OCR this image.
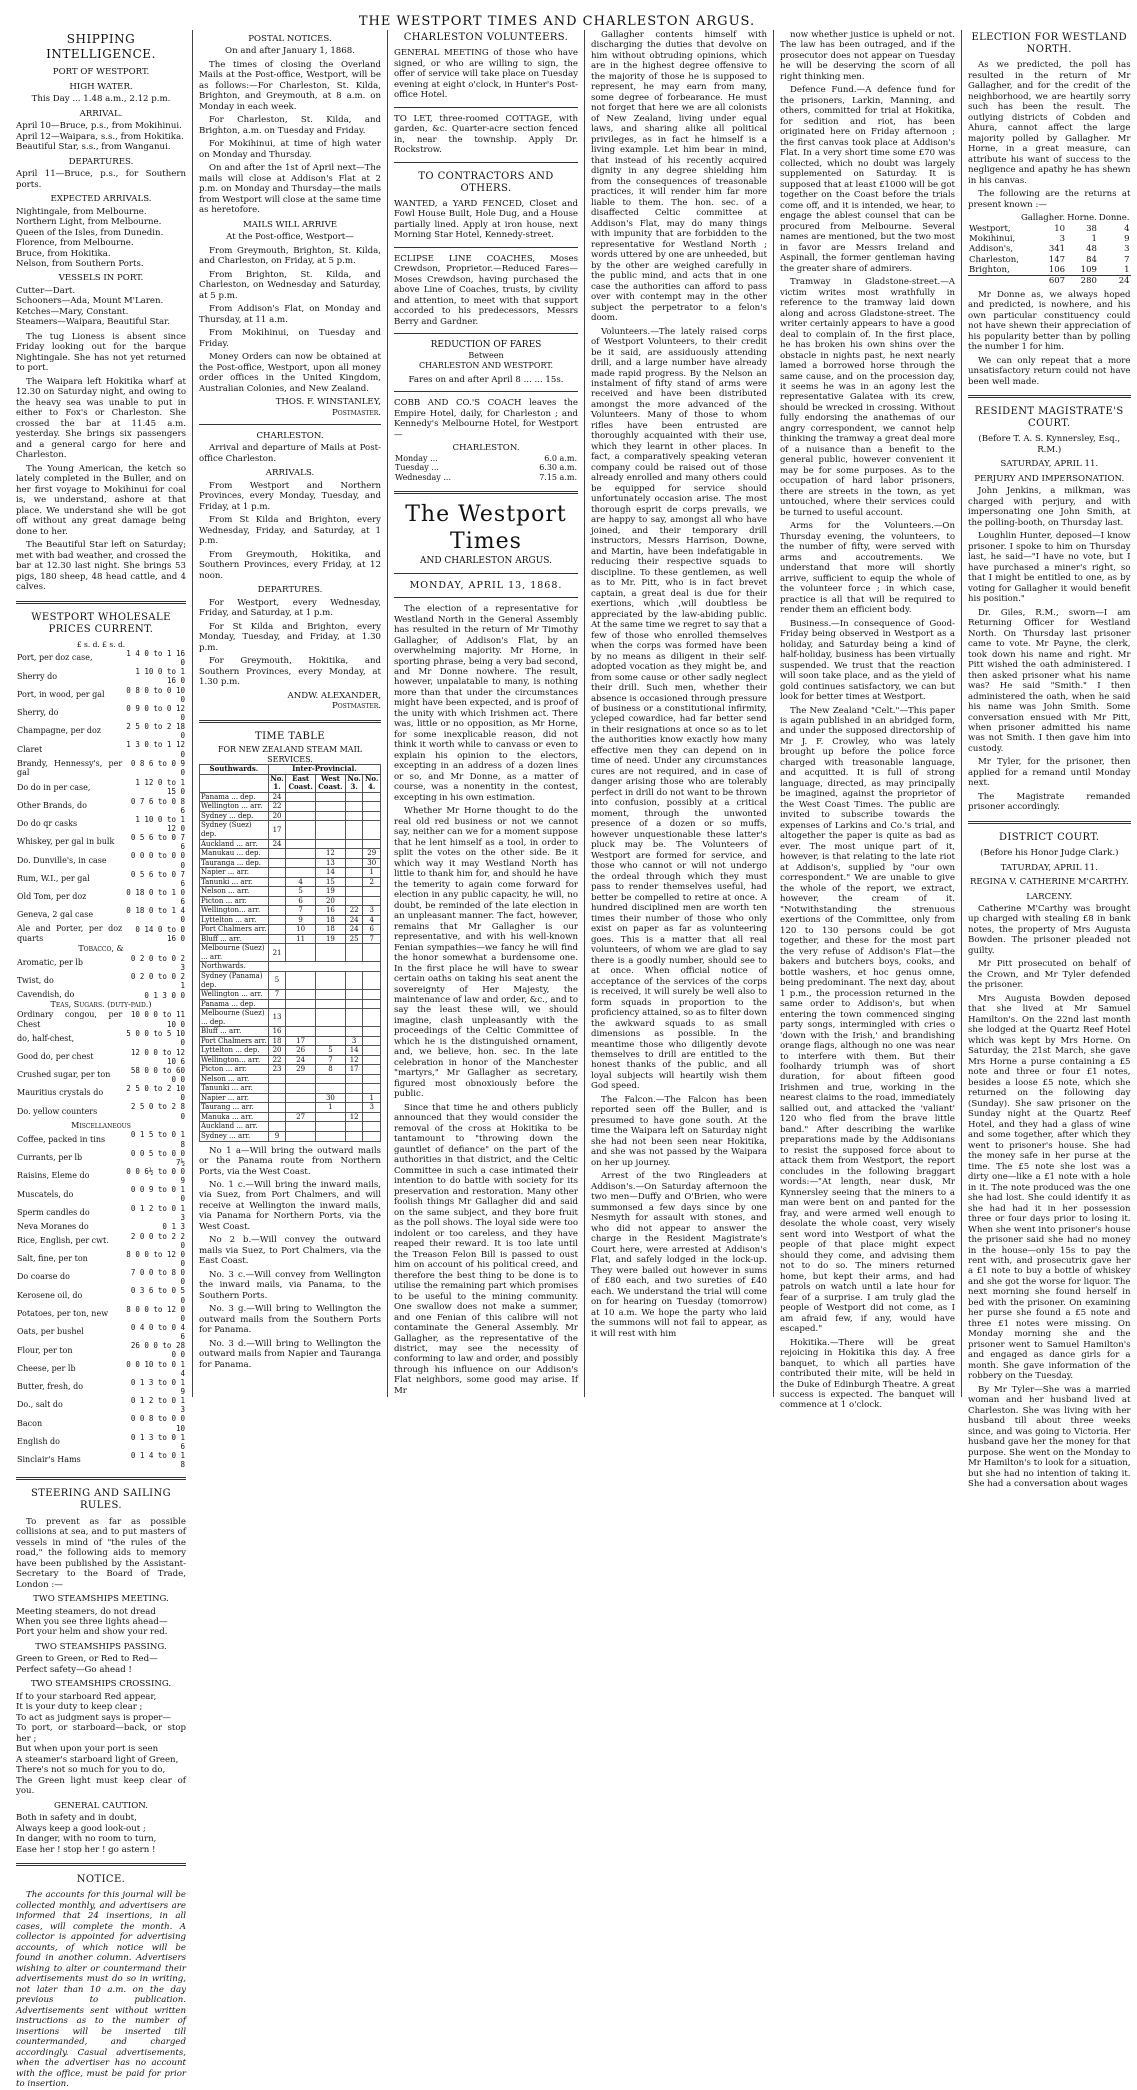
THE WESTPORT TIMES AND CHARLESTON ARGUS.
SHIPPING INTELLIGENCE.
PORT OF WESTPORT.
HIGH WATER.

This Day ... 1.48 a.m., 2.12 p.m.

ARRIVAL.
April 10—Bruce, p.s., from Mokihinui.
April 12—Waipara, s.s., from Hokitika.
Beautiful Star, s.s., from Wanganui.
DEPARTURES.
April 11—Bruce, p.s., for Southern ports.
EXPECTED ARRIVALS.
Nightingale, from Melbourne.
Northern Light, from Melbourne.
Queen of the Isles, from Dunedin.
Florence, from Melbourne.
Bruce, from Hokitika.
Nelson, from Southern Ports.
VESSELS IN PORT.
Cutter—Dart.
Schooners—Ada, Mount M'Laren.
Ketches—Mary, Constant.
Steamers—Waipara, Beautiful Star.

The tug Lioness is absent since Friday looking out for the barque Nightingale. She has not yet returned to port.

The Waipara left Hokitika wharf at 12.30 on Saturday night, and owing to the heavy sea was unable to put in either to Fox's or Charleston. She crossed the bar at 11.45 a.m. yesterday. She brings six passengers and a general cargo for here and Charleston.

The Young American, the ketch so lately completed in the Buller, and on her first voyage to Mokihinui for coal is, we understand, ashore at that place. We understand she will be got off without any great damage being done to her.

The Beautiful Star left on Saturday; met with bad weather, and crossed the bar at 12.30 last night. She brings 53 pigs, 180 sheep, 48 head cattle, and 4 calves.

WESTPORT WHOLESALE PRICES CURRENT.
£ s. d. £ s. d.
Port, per doz case,	1 4 0 to 1 16 0
Sherry do	1 10 0 to 1 16 0
Port, in wood, per gal	0 8 0 to 0 10 0
Sherry, do	0 9 0 to 0 12 0
Champagne, per doz	2 5 0 to 2 18 0
Claret	1 3 0 to 1 12 0
Brandy, Hennessy's, per gal	0 8 6 to 0 9 0
Do do in per case,	1 12 0 to 1 15 0
Other Brands, do	0 7 6 to 0 8 6
Do do qr casks	1 10 0 to 1 12 0
Whiskey, per gal in bulk	0 5 6 to 0 7 6
Do. Dunville's, in case	0 0 0 to 0 0 0
Rum, W.I., per gal	0 5 6 to 0 7 6
Old Tom, per doz	0 18 0 to 1 0 6
Geneva, 2 gal case	0 18 0 to 1 4 0
Ale and Porter, per doz quarts	0 14 0 to 0 16 0
Tobacco, &	
Aromatic, per lb	0 2 0 to 0 2 3
Twist, do	0 2 0 to 0 2 1
Cavendish, do	0 1 3 0 0
Teas, Sugars. (duty-paid.)	
Ordinary congou, per Chest	10 0 0 to 11 10 0
do, half-chest,	5 0 0 to 5 10 0
Good do, per chest	12 0 0 to 12 10 6
Crushed sugar, per ton	58 0 0 to 60 0 0
Mauritius crystals do	2 5 0 to 2 10 0
Do. yellow counters	2 5 0 to 2 8 0
Miscellaneous	
Coffee, packed in tins	0 1 5 to 0 1 8
Currants, per lb	0 0 5 to 0 0 7½
Raisins, Eleme do	0 0 6½ to 0 0 9
Muscatels, do	0 0 9 to 0 1 0
Sperm candles do	0 1 2 to 0 1 3
Neva Moranes do	0 1 3
Rice, English, per cwt.	2 0 0 to 2 2 0
Salt, fine, per ton	8 0 0 to 12 0 0
Do coarse do	7 0 0 to 8 0 0
Kerosene oil, do	0 3 6 to 0 5 0
Potatoes, per ton, new	8 0 0 to 12 0 0
Oats, per bushel	0 4 0 to 0 4 6
Flour, per ton	26 0 0 to 28 0 0
Cheese, per lb	0 0 10 to 0 1 4
Butter, fresh, do	0 1 3 to 0 1 9
Do., salt do	0 1 2 to 0 1 3
Bacon	0 0 8 to 0 0 10
English do	0 1 3 to 0 1 6
Sinclair's Hams	0 1 4 to 0 1 8
STEERING AND SAILING RULES.

To prevent as far as possible collisions at sea, and to put masters of vessels in mind of "the rules of the road," the following aids to memory have been published by the Assistant-Secretary to the Board of Trade, London :—

TWO STEAMSHIPS MEETING.
Meeting steamers, do not dread
When you see three lights ahead—
Port your helm and show your red.
TWO STEAMSHIPS PASSING.
Green to Green, or Red to Red—
Perfect safety—Go ahead !
TWO STEAMSHIPS CROSSING.
If to your starboard Red appear,
It is your duty to keep clear ;
To act as judgment says is proper—
To port, or starboard—back, or stop her ;
But when upon your port is seen
A steamer's starboard light of Green,
There's not so much for you to do,
The Green light must keep clear of you.
GENERAL CAUTION.
Both in safety and in doubt,
Always keep a good look-out ;
In danger, with no room to turn,
Ease her ! stop her ! go astern !
NOTICE.

The accounts for this journal will be collected monthly, and advertisers are informed that 24 insertions, in all cases, will complete the month. A collector is appointed for advertising accounts, of which notice will be found in another column. Advertisers wishing to alter or countermand their advertisements must do so in writing, not later than 10 a.m. on the day previous to publication. Advertisements sent without written instructions as to the number of insertions will be inserted till countermanded, and charged accordingly. Casual advertisements, when the advertiser has no account with the office, must be paid for prior to insertion.

POSTAL NOTICES.

On and after January 1, 1868.

The times of closing the Overland Mails at the Post-office, Westport, will be as follows:—For Charleston, St. Kilda, Brighton, and Greymouth, at 8 a.m. on Monday in each week.

For Charleston, St. Kilda, and Brighton, a.m. on Tuesday and Friday.

For Mokihinui, at time of high water on Monday and Thursday.

On and after the 1st of April next—The mails will close at Addison's Flat at 2 p.m. on Monday and Thursday—the mails from Westport will close at the same time as heretofore.

MAILS WILL ARRIVE

At the Post-office, Westport—

From Greymouth, Brighton, St. Kilda, and Charleston, on Friday, at 5 p.m.

From Brighton, St. Kilda, and Charleston, on Wednesday and Saturday, at 5 p.m.

From Addison's Flat, on Monday and Thursday, at 11 a.m.

From Mokihinui, on Tuesday and Friday.

Money Orders can now be obtained at the Post-office, Westport, upon all money order offices in the United Kingdom, Australian Colonies, and New Zealand.

THOS. F. WINSTANLEY,
Postmaster.
CHARLESTON.

Arrival and departure of Mails at Post-office Charleston.

ARRIVALS.

From Westport and Northern Provinces, every Monday, Tuesday, and Friday, at 1 p.m.

From St Kilda and Brighton, every Wednesday, Friday, and Saturday, at 1 p.m.

From Greymouth, Hokitika, and Southern Provinces, every Friday, at 12 noon.

DEPARTURES.

For Westport, every Wednesday, Friday, and Saturday, at 1 p.m.

For St Kilda and Brighton, every Monday, Tuesday, and Friday, at 1.30 p.m.

For Greymouth, Hokitika, and Southern Provinces, every Monday, at 1.30 p.m.

ANDW. ALEXANDER,
Postmaster.
TIME TABLE
FOR NEW ZEALAND STEAM MAIL SERVICES.
Southwards.	Inter-Provincial.				
	No. 1.	East Coast.	West Coast.	No. 3.	No. 4.
Panama ... dep.	24				
Wellington ... arr.	22				
Sydney ... dep.	20				
Sydney (Suez) dep.	17				
Auckland ... arr.	24				
Manukau ... dep.			12		29
Tauranga ... dep.			13		30
Napier ... arr.			14		1
Tanunki ... arr.		4	15		2
Nelson ... arr.		5	19		
Picton ... arr.		6	20		
Wellington... arr.		7	16	22	3
Lyttelton ... arr.		9	18	24	4
Port Chalmers arr.		10	18	24	6
Bluff ... arr.		11	19	25	7
Melbourne (Suez) ... arr.	21				
Northwards.					
Sydney (Panama) dep.	5				
Wellington ... arr.	7				
Panama ... dep.					
Melbourne (Suez) ... dep.	13				
Bluff ... arr.	16				
Port Chalmers arr.	18	17		3	
Lyttelton ... dep.	20	26	5	14	
Wellington... arr.	22	24	7	12	
Picton ... arr.	23	29	8	17	
Nelson ... arr.					
Tanunki ... arr.					
Napier ... arr.			30		1
Taurang ... arr.			1		3
Manuka ... arr.		27		12	
Auckland ... arr.					
Sydney ... arr.	9				

No 1 a—Will bring the outward mails or the Panama route from Northern Ports, via the West Coast.

No. 1 c.—Will bring the inward mails, via Suez, from Port Chalmers, and will receive at Wellington the inward mails, via Panama for Northern Ports, via the West Coast.

No 2 b.—Will convey the outward mails via Suez, to Port Chalmers, via the East Coast.

No. 3 c.—Will convey from Wellington the inward mails, via Panama, to the Southern Ports.

No. 3 g.—Will bring to Wellington the outward mails from the Southern Ports for Panama.

No. 3 d.—Will bring to Wellington the outward mails from Napier and Tauranga for Panama.

CHARLESTON VOLUNTEERS.

GENERAL MEETING of those who have signed, or who are willing to sign, the offer of service will take place on Tuesday evening at eight o'clock, in Hunter's Post-office Hotel.

TO LET, three-roomed COTTAGE, with garden, &c. Quarter-acre section fenced in, near the township. Apply Dr. Rockstrow.

TO CONTRACTORS AND OTHERS.

WANTED, a YARD FENCED, Closet and Fowl House Built, Hole Dug, and a House partially lined. Apply at iron house, next Morning Star Hotel, Kennedy-street.

ECLIPSE LINE COACHES, Moses Crewdson, Proprietor.—Reduced Fares—Moses Crewdson, having purchased the above Line of Coaches, trusts, by civility and attention, to meet with that support accorded to his predecessors, Messrs Berry and Gardner.

REDUCTION OF FARES
Between
CHARLESTON AND WESTPORT.

Fares on and after April 8 ... ... 15s.

COBB AND CO.'S COACH leaves the Empire Hotel, daily, for Charleston ; and Kennedy's Melbourne Hotel, for Westport—

CHARLESTON.
Monday ...	6.0 a.m.
Tuesday ...	6.30 a.m.
Wednesday ...	7.15 a.m.
The Westport Times
AND CHARLESTON ARGUS.
MONDAY, APRIL 13, 1868.

The election of a representative for Westland North in the General Assembly has resulted in the return of Mr Timothy Gallagher, of Addison's Flat, by an overwhelming majority. Mr Horne, in sporting phrase, being a very bad second, and Mr Donne nowhere. The result, however, unpalatable to many, is nothing more than that under the circumstances might have been expected, and is proof of the unity with which Irishmen act. There was, little or no opposition, as Mr Horne, for some inexplicable reason, did not think it worth while to canvass or even to explain his opinion to the electors, excepting in an address of a dozen lines or so, and Mr Donne, as a matter of course, was a nonentity in the contest, excepting in his own estimation.

Whether Mr Horne thought to do the real old red business or not we cannot say, neither can we for a moment suppose that he lent himself as a tool, in order to split the votes on the other side. Be it which way it may Westland North has little to thank him for, and should he have the temerity to again come forward for election in any public capacity, he will, no doubt, be reminded of the late election in an unpleasant manner. The fact, however, remains that Mr Gallagher is our representative, and with his well-known Fenian sympathies—we fancy he will find the honor somewhat a burdensome one. In the first place he will have to swear certain oaths on taking his seat anent the sovereignty of Her Majesty, the maintenance of law and order, &c., and to say the least these will, we should imagine, clash unpleasantly with the proceedings of the Celtic Committee of which he is the distinguished ornament, and, we believe, hon. sec. In the late celebration in honor of the Manchester "martyrs," Mr Gallagher as secretary, figured most obnoxiously before the public.

Since that time he and others publicly announced that they would consider the removal of the cross at Hokitika to be tantamount to "throwing down the gauntlet of defiance" on the part of the authorities in that district, and the Celtic Committee in such a case intimated their intention to do battle with society for its preservation and restoration. Many other foolish things Mr Gallagher did and said on the same subject, and they bore fruit as the poll shows. The loyal side were too indolent or too careless, and they have reaped their reward. It is too late until the Treason Felon Bill is passed to oust him on account of his political creed, and therefore the best thing to be done is to utilise the remaining part which promises to be useful to the mining community. One swallow does not make a summer, and one Fenian of this calibre will not contaminate the General Assembly. Mr Gallagher, as the representative of the district, may see the necessity of conforming to law and order, and possibly through his influence on our Addison's Flat neighbors, some good may arise. If Mr

Gallagher contents himself with discharging the duties that devolve on him without obtruding opinions, which are in the highest degree offensive to the majority of those he is supposed to represent, he may earn from many, some degree of forbearance. He must not forget that here we are all colonists of New Zealand, living under equal laws, and sharing alike all political privileges, as in fact he himself is a living example. Let him bear in mind, that instead of his recently acquired dignity in any degree shielding him from the consequences of treasonable practices, it will render him far more liable to them. The hon. sec. of a disaffected Celtic committee at Addison's Flat, may do many things with impunity that are forbidden to the representative for Westland North ; words uttered by one are unheeded, but by the other are weighed carefully in the public mind, and acts that in one case the authorities can afford to pass over with contempt may in the other subject the perpetrator to a felon's doom.

Volunteers.—The lately raised corps of Westport Volunteers, to their credit be it said, are assiduously attending drill, and a large number have already made rapid progress. By the Nelson an instalment of fifty stand of arms were received and have been distributed amongst the more advanced of the Volunteers. Many of those to whom rifles have been entrusted are thoroughly acquainted with their use, which they learnt in other places. In fact, a comparatively speaking veteran company could be raised out of those already enrolled and many others could be equipped for service should unfortunately occasion arise. The most thorough esprit de corps prevails, we are happy to say, amongst all who have joined, and their temporary drill instructors, Messrs Harrison, Downe, and Martin, have been indefatigable in reducing their respective squads to discipline. To these gentlemen, as well as to Mr. Pitt, who is in fact brevet captain, a great deal is due for their exertions, which ,will doubtless be appreciated by the law-abiding public. At the same time we regret to say that a few of those who enrolled themselves when the corps was formed have been by no means as diligent in their self-adopted vocation as they might be, and from some cause or other sadly neglect their drill. Such men, whether their absence is occasioned through pressure of business or a constitutional infirmity, ycleped cowardice, had far better send in their resignations at once so as to let the authorities know exactly how many effective men they can depend on in time of need. Under any circumstances cures are not required, and in case of danger arising those who are tolerably perfect in drill do not want to be thrown into confusion, possibly at a critical moment, through the unwonted presence of a dozen or so muffs, however unquestionable these latter's pluck may be. The Volunteers of Westport are formed for service, and those who cannot or will not undergo the ordeal through which they must pass to render themselves useful, had better be compelled to retire at once. A hundred disciplined men are worth ten times their number of those who only exist on paper as far as volunteering goes. This is a matter that all real volunteers, of whom we are glad to say there is a goodly number, should see to at once. When official notice of acceptance of the services of the corps is received, it will surely be well also to form squads in proportion to the proficiency attained, so as to filter down the awkward squads to as small dimensions as possible. In the meantime those who diligently devote themselves to drill are entitled to the honest thanks of the public, and all loyal subjects will heartily wish them God speed.

The Falcon.—The Falcon has been reported seen off the Buller, and is presumed to have gone south. At the time the Waipara left on Saturday night she had not been seen near Hokitika, and she was not passed by the Waipara on her up journey.

Arrest of the two Ringleaders at Addison's.—On Saturday afternoon the two men—Duffy and O'Brien, who were summonsed a few days since by one Nesmyth for assault with stones, and who did not appear to answer the charge in the Resident Magistrate's Court here, were arrested at Addison's Flat, and safely lodged in the lock-up. They were bailed out however in sums of £80 each, and two sureties of £40 each. We understand the trial will come on for hearing on Tuesday (tomorrow) at 10 a.m. We hope the party who laid the summons will not fail to appear, as it will rest with him

now whether justice is upheld or not. The law has been outraged, and if the prosecutor does not appear on Tuesday he will be deserving the scorn of all right thinking men.

Defence Fund.—A defence fund for the prisoners, Larkin, Manning, and others, committed for trial at Hokitika, for sedition and riot, has been originated here on Friday afternoon ; the first canvas took place at Addison's Flat. In a very short time some £70 was collected, which no doubt was largely supplemented on Saturday. It is supposed that at least £1000 will be got together on the Coast before the trials come off, and it is intended, we hear, to engage the ablest counsel that can be procured from Melbourne. Several names are mentioned, but the two most in favor are Messrs Ireland and Aspinall, the former gentleman having the greater share of admirers.

Tramway in Gladstone-street.—A victim writes most wrathfully in reference to the tramway laid down along and across Gladstone-street. The writer certainly appears to have a good deal to complain of. In the first place, he has broken his own shins over the obstacle in nights past, he next nearly lamed a borrowed horse through the same cause, and on the procession day, it seems he was in an agony lest the representative Galatea with its crew, should be wrecked in crossing. Without fully endorsing the anathemas of our angry correspondent, we cannot help thinking the tramway a great deal more of a nuisance than a benefit to the general public, however convenient it may be for some purposes. As to the occupation of hard labor prisoners, there are streets in the town, as yet untouched, where their services could be turned to useful account.

Arms for the Volunteers.—On Thursday evening, the volunteers, to the number of fifty, were served with arms and accoutrements. We understand that more will shortly arrive, sufficient to equip the whole of the volunteer force ; in which case, practice is all that will be required to render them an efficient body.

Business.—In consequence of Good-Friday being observed in Westport as a holiday, and Saturday being a kind of half-holiday, business has been virtually suspended. We trust that the reaction will soon take place, and as the yield of gold continues satisfactory, we can but look for better times at Westport.

The New Zealand "Celt."—This paper is again published in an abridged form, and under the supposed directorship of Mr J. F. Crowley, who was lately brought up before the police force charged with treasonable language, and acquitted. It is full of strong language, directed, as may principally be imagined, against the proprietor of the West Coast Times. The public are invited to subscribe towards the expenses of Larkins and Co.'s trial, and altogether the paper is quite as bad as ever. The most unique part of it, however, is that relating to the late riot at Addison's, supplied by "our own correspondent." We are unable to give the whole of the report, we extract, however, the cream of it. "Notwithstanding the strenuous exertions of the Committee, only from 120 to 130 persons could be got together, and these for the most part the very refuse of Addison's Flat—the bakers and butchers boys, cooks, and bottle washers, et hoc genus omne, being predominant. The next day, about 1 p.m., the procession returned in the same order to Addison's, but when entering the town commenced singing party songs, intermingled with cries o 'down with the Irish,' and brandishing orange flags, although no one was near to interfere with them. But their foolhardy triumph was of short duration, for about fifteen good Irishmen and true, working in the nearest claims to the road, immediately sallied out, and attacked the 'valiant' 120 who fled from the brave little band." After describing the warlike preparations made by the Addisonians to resist the supposed force about to attack them from Westport, the report concludes in the following braggart words:—"At length, near dusk, Mr Kynnersley seeing that the miners to a man were bent on and panted for the fray, and were armed well enough to desolate the whole coast, very wisely sent word into Westport of what the people of that place might expect should they come, and advising them not to do so. The miners returned home, but kept their arms, and had patrols on watch until a late hour for fear of a surprise. I am truly glad the people of Westport did not come, as I am afraid few, if any, would have escaped."

Hokitika.—There will be great rejoicing in Hokitika this day. A free banquet, to which all parties have contributed their mite, will be held in the Duke of Edinburgh Theatre. A great success is expected. The banquet will commence at 1 o'clock.

ELECTION FOR WESTLAND NORTH.

As we predicted, the poll has resulted in the return of Mr Gallagher, and for the credit of the neighborhood, we are heartily sorry such has been the result. The outlying districts of Cobden and Ahura, cannot affect the large majority polled by Gallagher. Mr Horne, in a great measure, can attribute his want of success to the negligence and apathy he has shewn in his canvas.

The following are the returns at present known :—

	Gallagher.	Horne.	Donne.
Westport,	10	38	4
Mokihinui,	3	1	9
Addison's,	341	48	3
Charleston,	147	84	7
Brighton,	106	109	1
	607	280	24

Mr Donne as, we always hoped and predicted, is nowhere, and his own particular constituency could not have shewn their appreciation of his popularity better than by polling the number 1 for him.

We can only repeat that a more unsatisfactory return could not have been well made.

RESIDENT MAGISTRATE'S COURT.

(Before T. A. S. Kynnersley, Esq., R.M.)

SATURDAY, APRIL 11.
PERJURY AND IMPERSONATION.

John Jenkins, a milkman, was charged with perjury, and with impersonating one John Smith, at the polling-booth, on Thursday last.

Loughlin Hunter, deposed—I know prisoner. I spoke to him on Thursday last, he said—"I have no vote, but I have purchased a miner's right, so that I might be entitled to one, as by voting for Gallagher it would benefit his position."

Dr. Giles, R.M., sworn—I am Returning Officer for Westland North. On Thursday last prisoner came to vote. Mr Payne, the clerk, took down his name and right. Mr Pitt wished the oath administered. I then asked prisoner what his name was? He said "Smith." I then administered the oath, when he said his name was John Smith. Some conversation ensued with Mr Pitt, when prisoner admitted his name was not Smith. I then gave him into custody.

Mr Tyler, for the prisoner, then applied for a remand until Monday next.

The Magistrate remanded prisoner accordingly.

DISTRICT COURT.

(Before his Honor Judge Clark.)

TATURDAY, APRIL 11.
REGINA V. CATHERINE M'CARTHY.
LARCENY.

Catherine M'Carthy was brought up charged with stealing £8 in bank notes, the property of Mrs Augusta Bowden. The prisoner pleaded not guilty.

Mr Pitt prosecuted on behalf of the Crown, and Mr Tyler defended the prisoner.

Mrs Augusta Bowden deposed that she lived at Mr Samuel Hamilton's. On the 22nd last month she lodged at the Quartz Reef Hotel which was kept by Mrs Horne. On Saturday, the 21st March, she gave Mrs Horne a purse containing a £5 note and three or four £1 notes, besides a loose £5 note, which she returned on the following day (Sunday). She saw prisoner on the Sunday night at the Quartz Reef Hotel, and they had a glass of wine and some together, after which they went to prisoner's house. She had the money safe in her purse at the time. The £5 note she lost was a dirty one—like a £1 note with a hole in it. The note produced was the one she had lost. She could identify it as she had had it in her possession three or four days prior to losing it. When she went into prisoner's house the prisoner said she had no money in the house—only 15s to pay the rent with, and prosecutrix gave her a £1 note to buy a bottle of whiskey and she got the worse for liquor. The next morning she found herself in bed with the prisoner. On examining her purse she found a £5 note and three £1 notes were missing. On Monday morning she and the prisoner went to Samuel Hamilton's and engaged as dance girls for a month. She gave information of the robbery on the Tuesday.

By Mr Tyler—She was a married woman and her husband lived at Charleston. She was living with her husband till about three weeks since, and was going to Victoria. Her husband gave her the money for that purpose. She went on the Monday to Mr Hamilton's to look for a situation, but she had no intention of taking it. She had a conversation about wages
